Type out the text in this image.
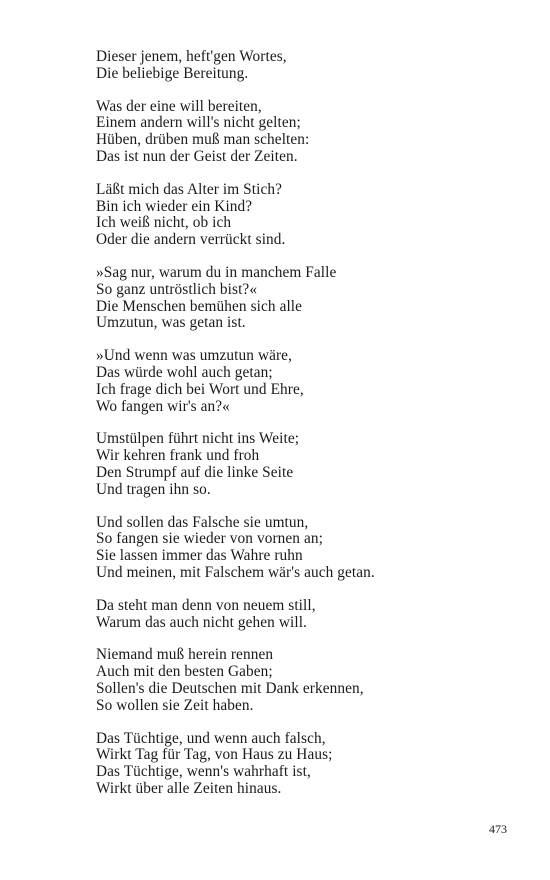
Dieser jenem, heft'gen Wortes,
Die beliebige Bereitung.
Was der eine will bereiten,
Einem andern will's nicht gelten;
Hüben, drüben muß man schelten:
Das ist nun der Geist der Zeiten.
Läßt mich das Alter im Stich?
Bin ich wieder ein Kind?
Ich weiß nicht, ob ich
Oder die andern verrückt sind.
»Sag nur, warum du in manchem Falle
So ganz untröstlich bist?«
Die Menschen bemühen sich alle
Umzutun, was getan ist.
»Und wenn was umzutun wäre,
Das würde wohl auch getan;
Ich frage dich bei Wort und Ehre,
Wo fangen wir's an?«
Umstülpen führt nicht ins Weite;
Wir kehren frank und froh
Den Strumpf auf die linke Seite
Und tragen ihn so.
Und sollen das Falsche sie umtun,
So fangen sie wieder von vornen an;
Sie lassen immer das Wahre ruhn
Und meinen, mit Falschem wär's auch getan.
Da steht man denn von neuem still,
Warum das auch nicht gehen will.
Niemand muß herein rennen
Auch mit den besten Gaben;
Sollen's die Deutschen mit Dank erkennen,
So wollen sie Zeit haben.
Das Tüchtige, und wenn auch falsch,
Wirkt Tag für Tag, von Haus zu Haus;
Das Tüchtige, wenn's wahrhaft ist,
Wirkt über alle Zeiten hinaus.
473
